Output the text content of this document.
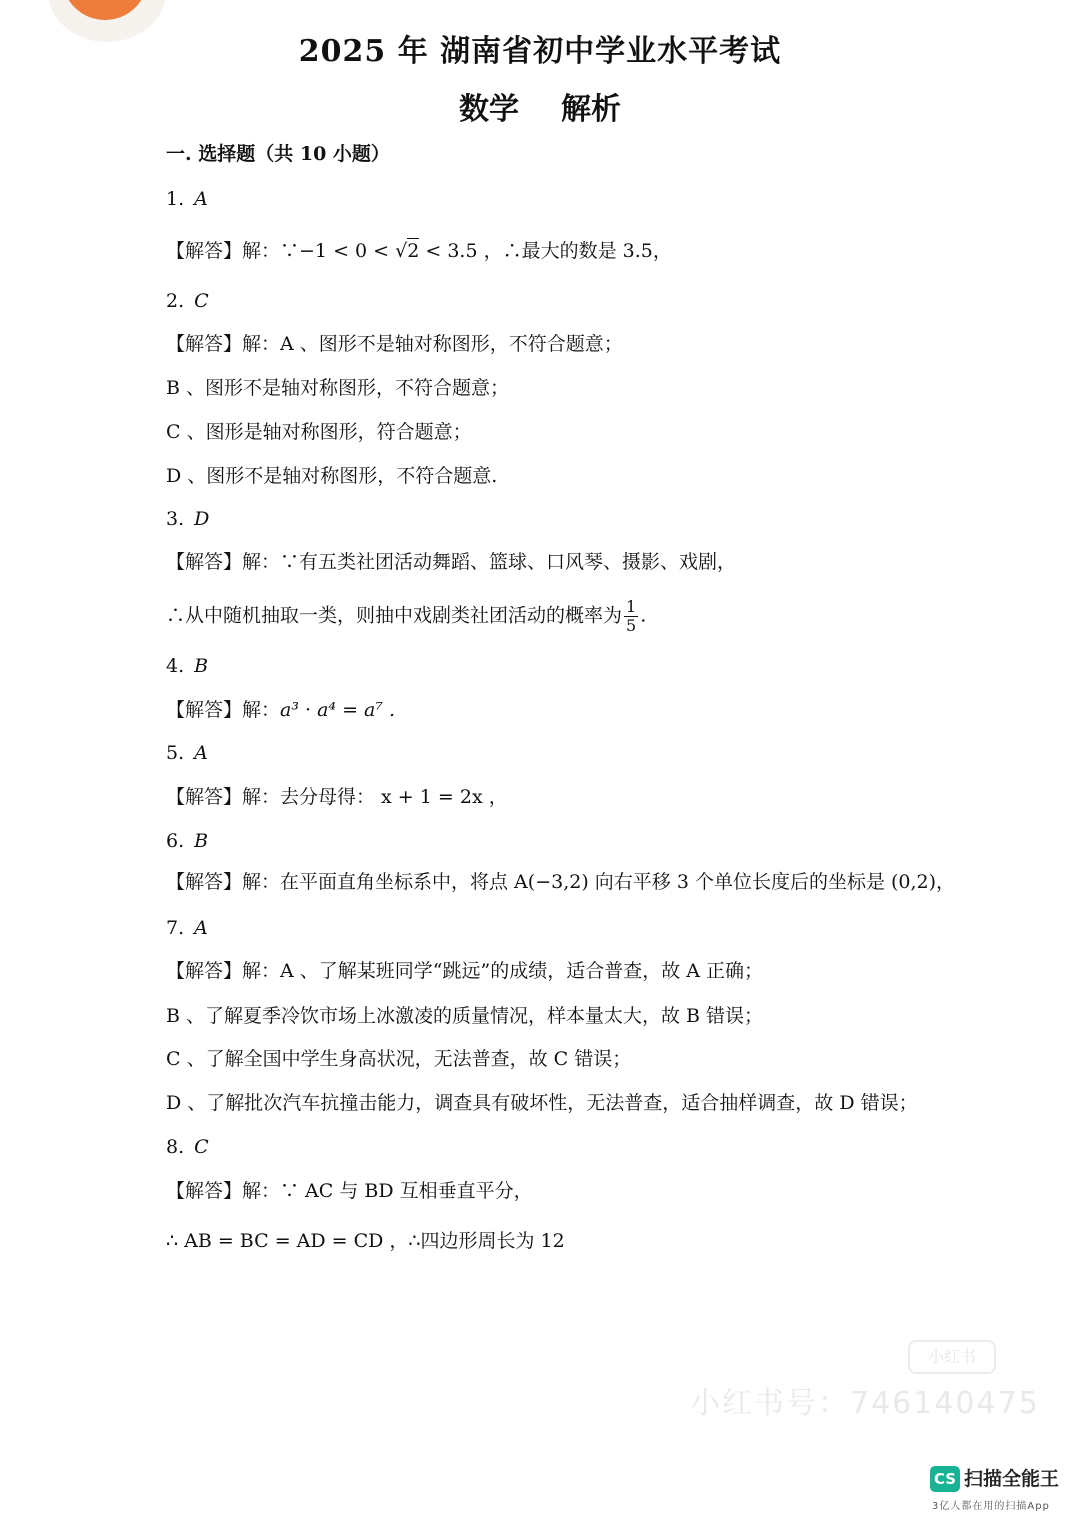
2025 年 湖南省初中学业水平考试
数学 解析
一. 选择题（共 10 小题）
1. A
【解答】解：∵−1 < 0 < √2 < 3.5 ，∴最大的数是 3.5，
2. C
【解答】解：A 、图形不是轴对称图形，不符合题意；
B 、图形不是轴对称图形，不符合题意；
C 、图形是轴对称图形，符合题意；
D 、图形不是轴对称图形，不符合题意.
3. D
【解答】解：∵有五类社团活动舞蹈、篮球、口风琴、摄影、戏剧，
∴从中随机抽取一类，则抽中戏剧类社团活动的概率为 $\frac{1}{5}$ .
4. B
【解答】解：a³ · a⁴ = a⁷ .
5. A
【解答】解：去分母得： x + 1 = 2x ，
6. B
【解答】解：在平面直角坐标系中，将点 A(−3,2) 向右平移 3 个单位长度后的坐标是 (0,2)，
7. A
【解答】解：A 、了解某班同学“跳远”的成绩，适合普查，故 A 正确；
B 、了解夏季冷饮市场上冰激凌的质量情况，样本量太大，故 B 错误；
C 、了解全国中学生身高状况，无法普查，故 C 错误；
D 、了解批次汽车抗撞击能力，调查具有破坏性，无法普查，适合抽样调查，故 D 错误；
8. C
【解答】解：∵ AC 与 BD 互相垂直平分，
∴ AB = BC = AD = CD ，∴四边形周长为 12
小红书
小红书号：746140475
CS 扫描全能王
3亿人都在用的扫描App
